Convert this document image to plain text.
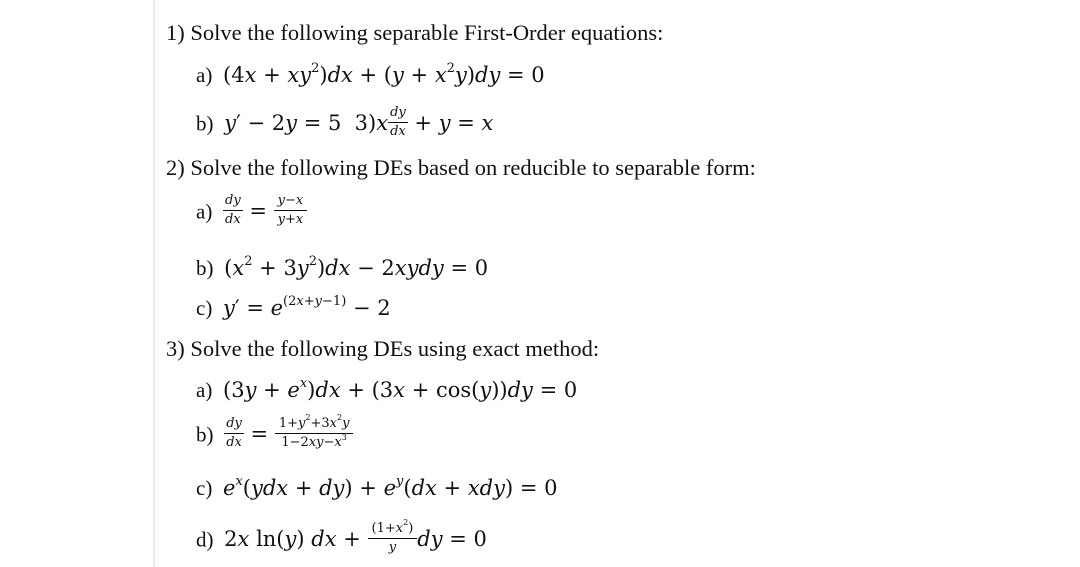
1) Solve the following separable First-Order equations:
a)  $(4x + xy^2)dx + (y + x^2y)dy = 0$
b) y′ − 2y = 5  $3)x \frac{dy}{dx} + y = x$
2) Solve the following DEs based on reducible to separable form:
$a) \frac{dy}{dx} = \frac{y-x}{y+x}$
b)  $(x^2 + 3y^2)dx$ − 2xydy = 0
c) $y' = e^{(2x+y-1)} - 2$
3) Solve the following DEs using exact method:
a)  $(3y + e^x)dx + (3x + \cos(y))dy = 0$
$b) \frac{dy}{dx} = \frac{1+y^2+3x^2y}{1-2xy-x^3}$
c) $e^x(ydx + dy) + e^y(dx + xdy) = 0$
d)  2x ln(y) dx + $\frac{(1+x^2)}{y}$ dy = 0
